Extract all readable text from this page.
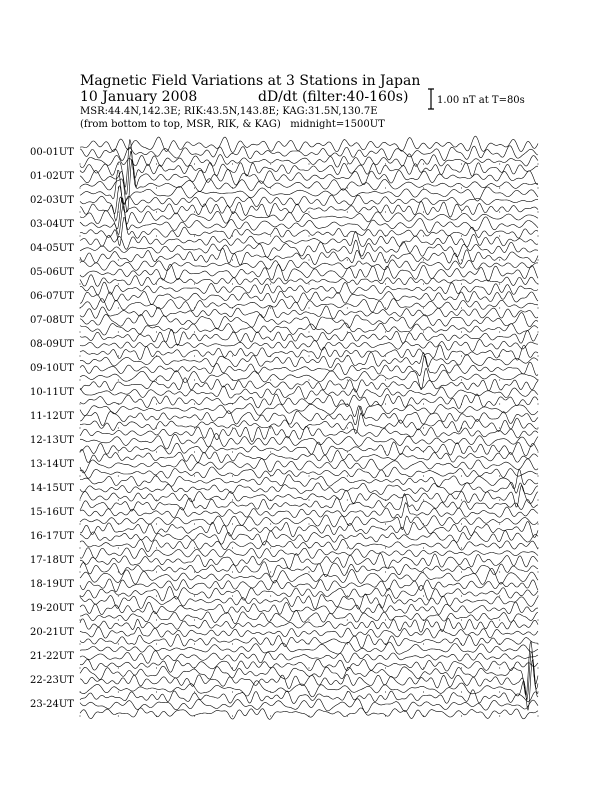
00-01UT
01-02UT
02-03UT
03-04UT
04-05UT
05-06UT
06-07UT
07-08UT
08-09UT
09-10UT
10-11UT
11-12UT
12-13UT
13-14UT
14-15UT
15-16UT
16-17UT
17-18UT
18-19UT
19-20UT
20-21UT
21-22UT
22-23UT
23-24UT
Magnetic Field Variations at 3 Stations in Japan
10 January 2008	dD/dt (filter:40-160s)
MSR:44.4N,142.3E; RIK:43.5N,143.8E; KAG:31.5N,130.7E
(from bottom to top, MSR, RIK, & KAG)   midnight=1500UT
1.00 nT at T=80s
